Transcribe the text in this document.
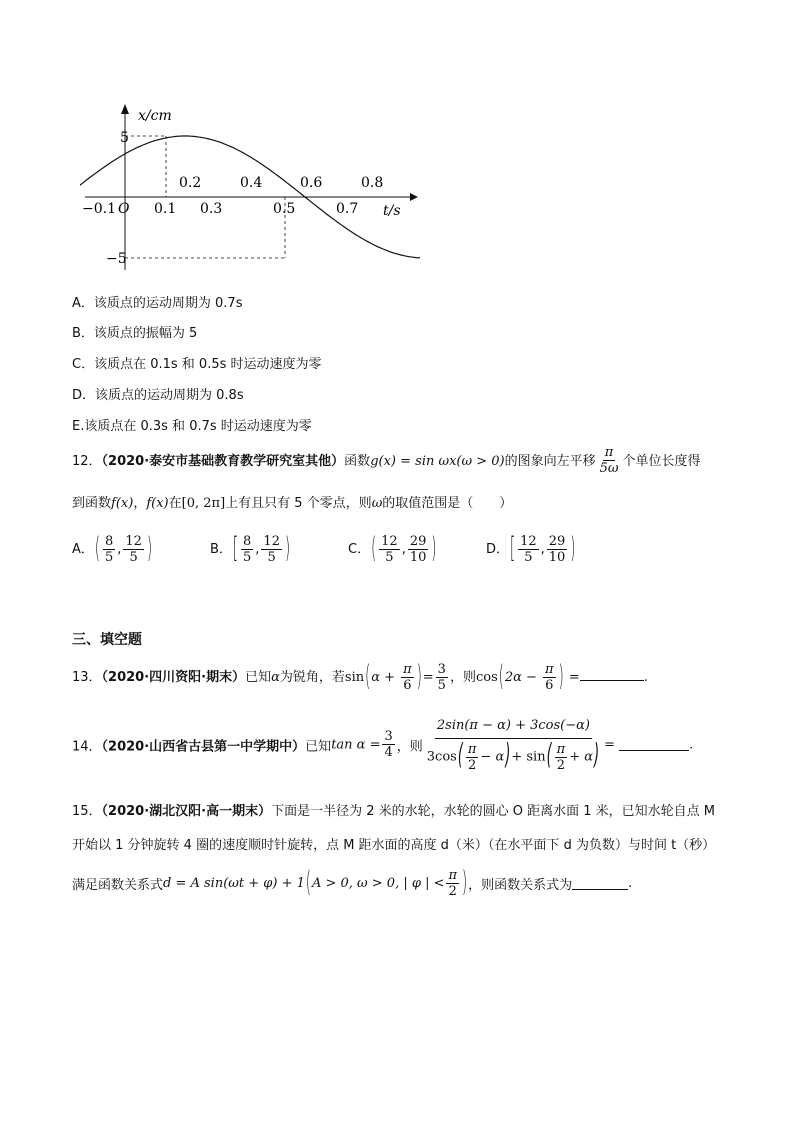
x/cm
5
−5
O	t/s
0.2	0.4	0.6	0.8
−0.1	0.1 0.3	0.5	0.7
A．该质点的运动周期为 0.7s
B．该质点的振幅为 5
C．该质点在 0.1s 和 0.5s 时运动速度为零
D．该质点的运动周期为 0.8s
E.该质点在 0.3s 和 0.7s 时运动速度为零
12．（2020·泰安市基础教育教学研究室其他）函数g(x) = sin ωx(ω > 0)的图象向左平移 $\frac{\pi}{5\omega}$ 个单位长度得
到函数f(x)，f(x)在[0, 2π]上有且只有 5 个零点，则ω的取值范围是（　　）
A．( $\frac{8}{5}$ , $\frac{12}{5}$ )	B．[ $\frac{8}{5}$ , $\frac{12}{5}$ )	C．( $\frac{12}{5}$ , $\frac{29}{10}$ )	D．[ $\frac{12}{5}$ , $\frac{29}{10}$ )
三、填空题
13．（2020·四川资阳·期末）已知α为锐角，若$\sin(\alpha + \frac{\pi}{6}$ )= $\frac{3}{5}$ ，则$\cos(2\alpha - \frac{\pi}{6}$ ) =	.
14．（2020·山西省古县第一中学期中）已知$\tan \alpha = \frac{3}{4}$ ，则 $\frac{2\sin(\pi - \alpha) + 3\cos(-\alpha)}{3\cos( \frac{\pi}{2} - \alpha)+ \sin( \frac{\pi}{2} + \alpha)}$ =	.
15．（2020·湖北汉阳·高一期末）下面是一半径为 2 米的水轮，水轮的圆心 O 距离水面 1 米，已知水轮自点 M
开始以 1 分钟旋转 4 圈的速度顺时针旋转，点 M 距水面的高度 d（米）（在水平面下 d 为负数）与时间 t（秒）
满足函数关系式d = A sin(ωt + φ) + 1(A > 0, ω > 0, | φ | < $\frac{\pi}{2}$ )，则函数关系式为	.
